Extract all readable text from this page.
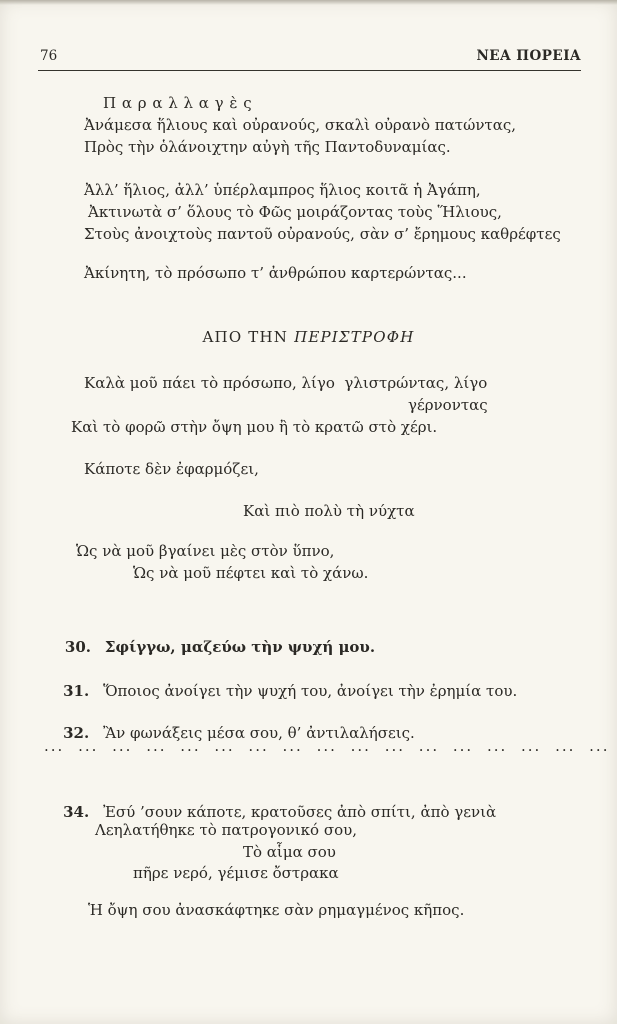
76	ΝΕΑ ΠΟΡΕΙΑ
Π α ρ α λ λ α γ ὲ ς
Ἀνάμεσα ἥλιους καὶ οὐρανούς, σκαλὶ οὐρανὸ πατώντας,
Πρὸς τὴν ὁλάνοιχτην αὐγὴ τῆς Παντοδυναμίας.
Ἀλλ’ ἥλιος, ἀλλ’ ὑπέρλαμπρος ἥλιος κοιτᾶ ἡ Ἀγάπη,
Ἀκτινωτὰ σ’ ὅλους τὸ Φῶς μοιράζοντας τοὺς Ἥλιους,
Στοὺς ἀνοιχτοὺς παντοῦ οὐρανούς, σὰν σ’ ἔρημους καθρέφτες
Ἀκίνητη, τὸ πρόσωπο τ’ ἀνθρώπου καρτερώντας...
ΑΠΟ ΤΗΝ ΠΕΡΙΣΤΡΟΦΗ
Καλὰ μοῦ πάει τὸ πρόσωπο, λίγο  γλιστρώντας, λίγο
γέρνοντας
Καὶ τὸ φορῶ στὴν ὄψη μου ἢ τὸ κρατῶ στὸ χέρι.
Κάποτε δὲν ἐφαρμόζει,
Καὶ πιὸ πολὺ τὴ νύχτα
Ὡς νὰ μοῦ βγαίνει μὲς στὸν ὕπνο,
Ὡς νὰ μοῦ πέφτει καὶ τὸ χάνω.

30. Σφίγγω, μαζεύω τὴν ψυχή μου.

31. Ὅποιος ἀνοίγει τὴν ψυχή του, ἀνοίγει τὴν ἐρημία του.

32. Ἂν φωνάξεις μέσα σου, θ’ ἀντιλαλήσεις.

... ... ... ... ... ... ... ... ... ... ... ... ... ... ... ... ...

34. Ἐσύ ’σουν κάποτε, κρατοῦσες ἀπὸ σπίτι, ἀπὸ γενιὰ

Λεηλατήθηκε τὸ πατρογονικό σου,
Τὸ αἷμα σου
πῆρε νερό, γέμισε ὄστρακα
Ἡ ὄψη σου ἀνασκάφτηκε σὰν ρημαγμένος κῆπος.
